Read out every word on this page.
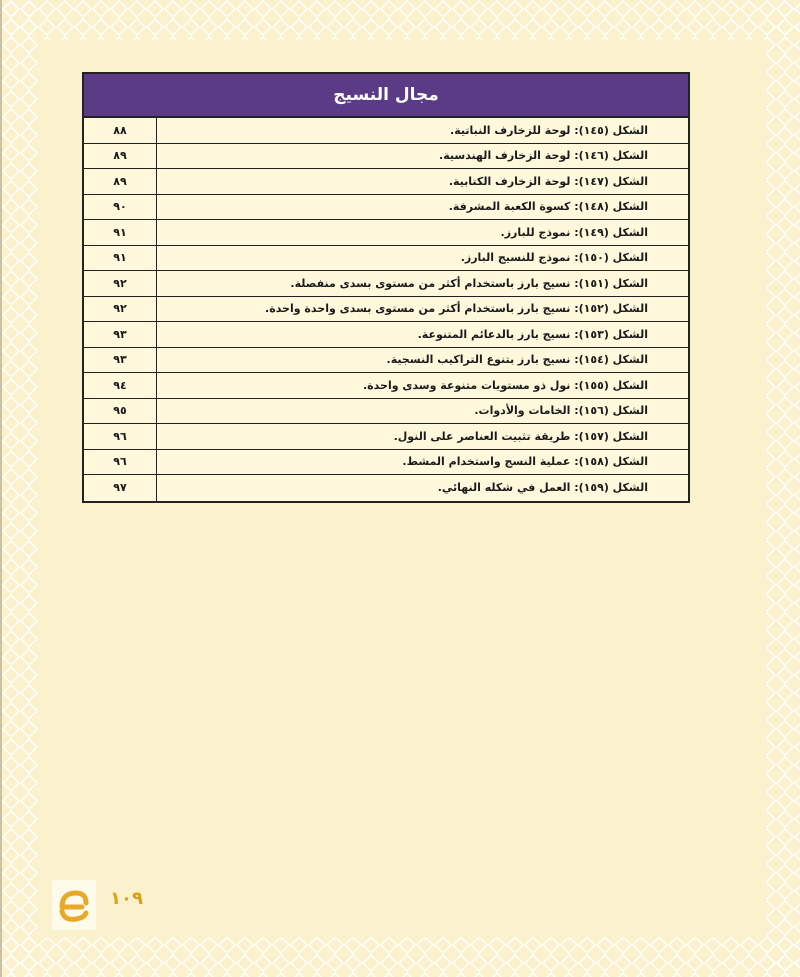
مجال النسيج
الشكل (١٤٥): لوحة للزخارف النباتية.
٨٨
الشكل (١٤٦): لوحة الزخارف الهندسية.
٨٩
الشكل (١٤٧): لوحة الزخارف الكتابية.
٨٩
الشكل (١٤٨): كسوة الكعبة المشرفة.
٩٠
الشكل (١٤٩): نموذج للبارز.
٩١
الشكل (١٥٠): نموذج للنسيج البارز.
٩١
الشكل (١٥١): نسيج بارز باستخدام أكثر من مستوى بسدى منفصلة.
٩٢
الشكل (١٥٢): نسيج بارز باستخدام أكثر من مستوى بسدى واحدة واحدة.
٩٢
الشكل (١٥٣): نسيج بارز بالدعائم المتنوعة.
٩٣
الشكل (١٥٤): نسيج بارز بتنوع التراكيب النسجية.
٩٣
الشكل (١٥٥): نول ذو مستويات متنوعة وسدى واحدة.
٩٤
الشكل (١٥٦): الخامات والأدوات.
٩٥
الشكل (١٥٧): طريقة تثبيت العناصر على النول.
٩٦
الشكل (١٥٨): عملية النسج واستخدام المشط.
٩٦
الشكل (١٥٩): العمل في شكله النهائي.
٩٧
١٠٩
